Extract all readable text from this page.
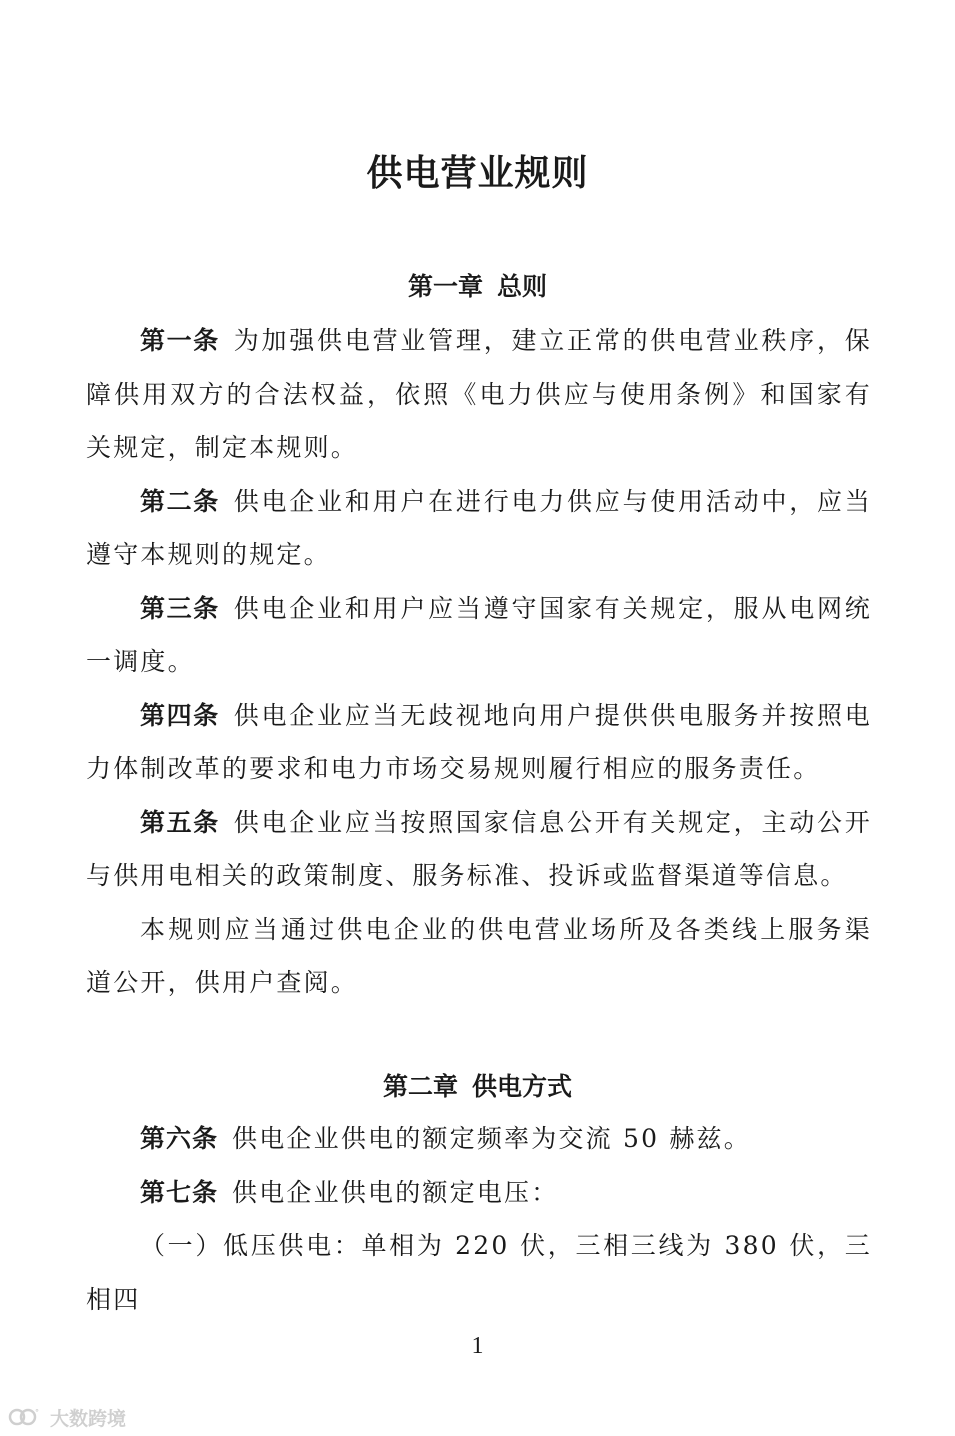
供电营业规则
第一章 总则

第一条 为加强供电营业管理，建立正常的供电营业秩序，保障供用双方的合法权益，依照《电力供应与使用条例》和国家有关规定，制定本规则。

第二条 供电企业和用户在进行电力供应与使用活动中，应当遵守本规则的规定。

第三条 供电企业和用户应当遵守国家有关规定，服从电网统一调度。

第四条 供电企业应当无歧视地向用户提供供电服务并按照电力体制改革的要求和电力市场交易规则履行相应的服务责任。

第五条 供电企业应当按照国家信息公开有关规定，主动公开与供用电相关的政策制度、服务标准、投诉或监督渠道等信息。

本规则应当通过供电企业的供电营业场所及各类线上服务渠道公开，供用户查阅。

第二章 供电方式

第六条 供电企业供电的额定频率为交流 50 赫兹。

第七条 供电企业供电的额定电压：

（一）低压供电：单相为 220 伏，三相三线为 380 伏，三相四

1
° 大数跨境
